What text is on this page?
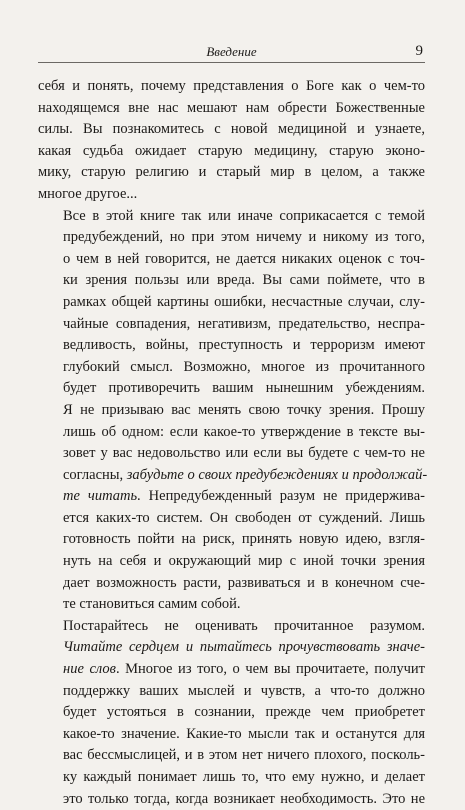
Введение	9

себя и понять, почему представления о Боге как о чем-то
находящемся вне нас мешают нам обрести Божественные
силы. Вы познакомитесь с новой медициной и узнаете,
какая судьба ожидает старую медицину, старую эконо-
мику, старую религию и старый мир в целом, а также
многое другое...

Все в этой книге так или иначе соприкасается с темой
предубеждений, но при этом ничему и никому из того,
о чем в ней говорится, не дается никаких оценок с точ-
ки зрения пользы или вреда. Вы сами поймете, что в
рамках общей картины ошибки, несчастные случаи, слу-
чайные совпадения, негативизм, предательство, неспра-
ведливость, войны, преступность и терроризм имеют
глубокий смысл. Возможно, многое из прочитанного
будет противоречить вашим нынешним убеждениям.
Я не призываю вас менять свою точку зрения. Прошу
лишь об одном: если какое-то утверждение в тексте вы-
зовет у вас недовольство или если вы будете с чем-то не
согласны, забудьте о своих предубеждениях и продолжай-
те читать. Непредубежденный разум не придерживa-
ется каких-то систем. Он свободен от суждений. Лишь
готовность пойти на риск, принять новую идею, взгля-
нуть на себя и окружающий мир с иной точки зрения
дает возможность расти, развиваться и в конечном сче-
те становиться самим собой.

Постарайтесь не оценивать прочитанное разумом.
Читайте сердцем и пытайтесь прочувствовать значе-
ние слов. Многое из того, о чем вы прочитаете, получит
поддержку ваших мыслей и чувств, а что-то должно
будет устояться в сознании, прежде чем приобретет
какое-то значение. Какие-то мысли так и останутся для
вас бессмыслицей, и в этом нет ничего плохого, посколь-
ку каждый понимает лишь то, что ему нужно, и делает
это только тогда, когда возникает необходимость. Это не
